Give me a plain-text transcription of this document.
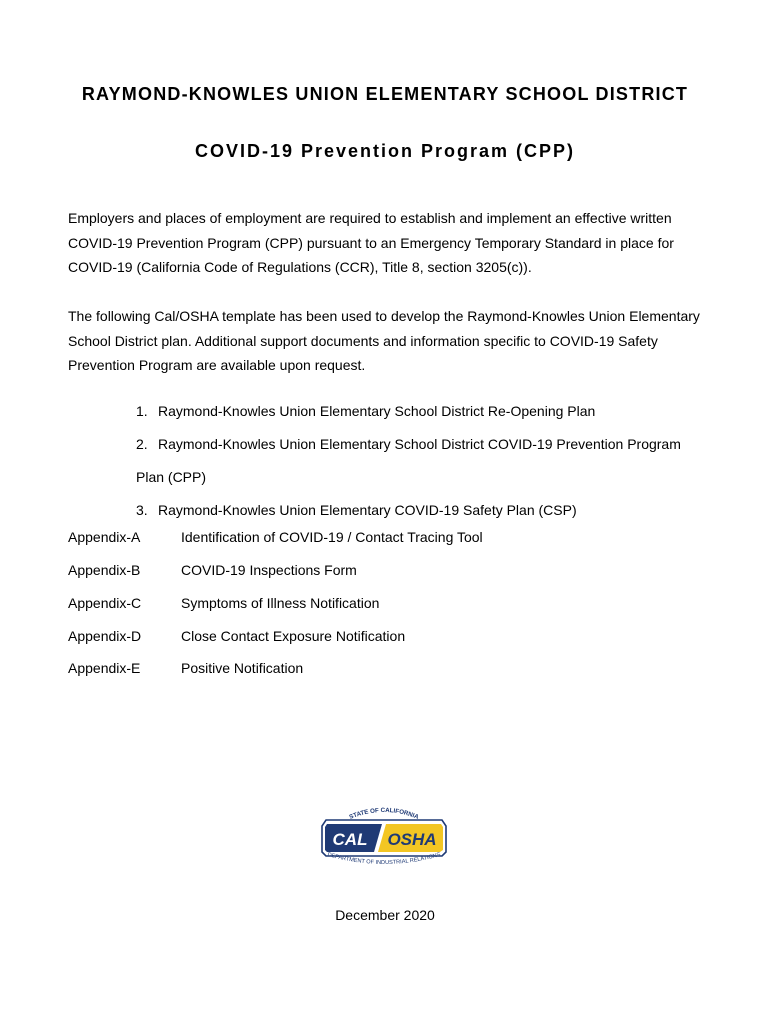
RAYMOND-KNOWLES UNION ELEMENTARY SCHOOL DISTRICT
COVID-19 Prevention Program (CPP)

Employers and places of employment are required to establish and implement an effective written COVID-19 Prevention Program (CPP) pursuant to an Emergency Temporary Standard in place for COVID-19 (California Code of Regulations (CCR), Title 8, section 3205(c)).

The following Cal/OSHA template has been used to develop the Raymond-Knowles Union Elementary School District plan. Additional support documents and information specific to COVID-19 Safety Prevention Program are available upon request.

1. Raymond-Knowles Union Elementary School District Re-Opening Plan
2. Raymond-Knowles Union Elementary School District COVID-19 Prevention Program Plan (CPP)
3. Raymond-Knowles Union Elementary COVID-19 Safety Plan (CSP)
Appendix-A	Identification of COVID-19 / Contact Tracing Tool
Appendix-B	COVID-19 Inspections Form
Appendix-C	Symptoms of Illness Notification
Appendix-D	Close Contact Exposure Notification
Appendix-E	Positive Notification
CAL OSHA
STATE OF CALIFORNIA
DEPARTMENT OF INDUSTRIAL RELATIONS
December 2020
